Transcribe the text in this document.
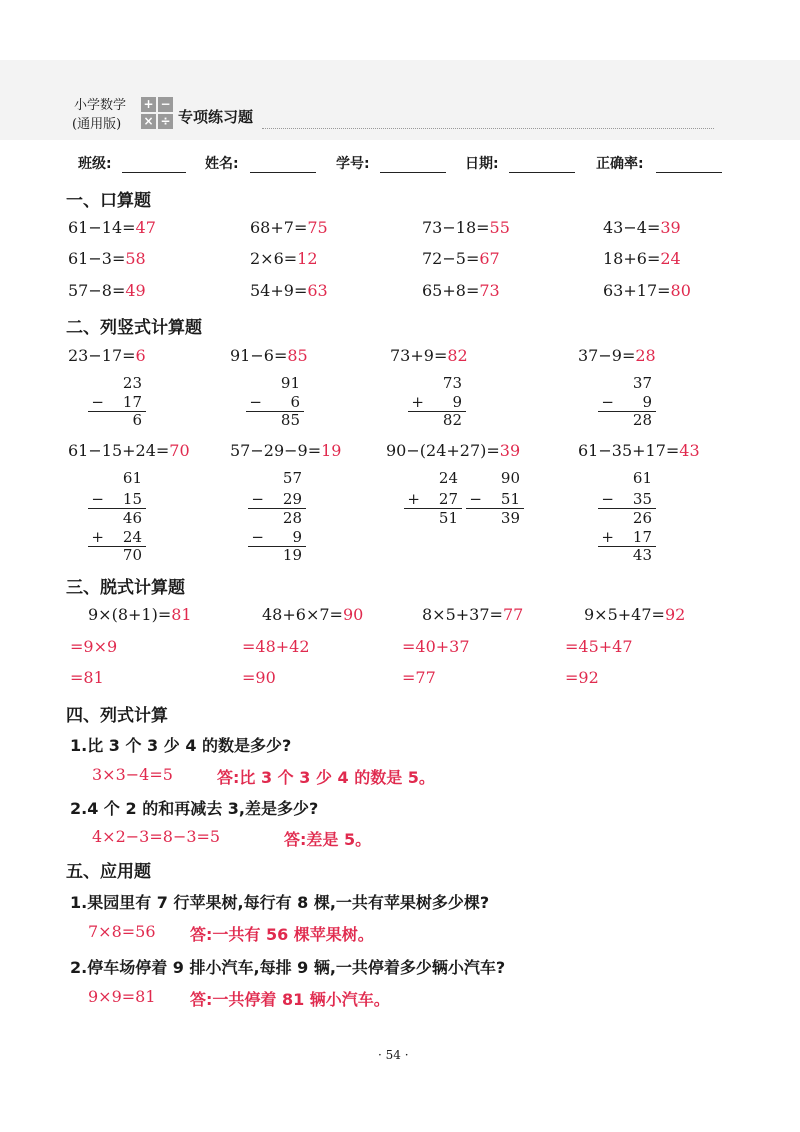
小学数学
(通用版)
+ −
× ÷ 专项练习题
班级:	姓名:	学号:	日期:	正确率:
一、口算题
61−14=47	68+7=75	73−18=55	43−4=39
61−3=58	2×6=12	72−5=67	18+6=24
57−8=49	54+9=63	65+8=73	63+17=80
二、列竖式计算题
23−17=6	91−6=85	73+9=82	37−9=28
23
−	17
6
91
−	6
85
73
+	9
82
37
−	9
28
61−15+24=70	57−29−9=19	90−(24+27)=39	61−35+17=43
61
−	15
46
+	24
70
57
−	29
28
−	9
19
61
−	35
26
+	17
43
24
+	27
51
90
−	51
39
三、脱式计算题
9×(8+1)=81
=9×9
=81
48+6×7=90
=48+42
=90
8×5+37=77
=40+37
=77
9×5+47=92
=45+47
=92
四、列式计算
1.比 3 个 3 少 4 的数是多少?
3×3−4=5	答:比 3 个 3 少 4 的数是 5。
2.4 个 2 的和再减去 3,差是多少?
4×2−3=8−3=5	答:差是 5。
五、应用题
1.果园里有 7 行苹果树,每行有 8 棵,一共有苹果树多少棵?
7×8=56 答:一共有 56 棵苹果树。
2.停车场停着 9 排小汽车,每排 9 辆,一共停着多少辆小汽车?
9×9=81 答:一共停着 81 辆小汽车。
· 54 ·
